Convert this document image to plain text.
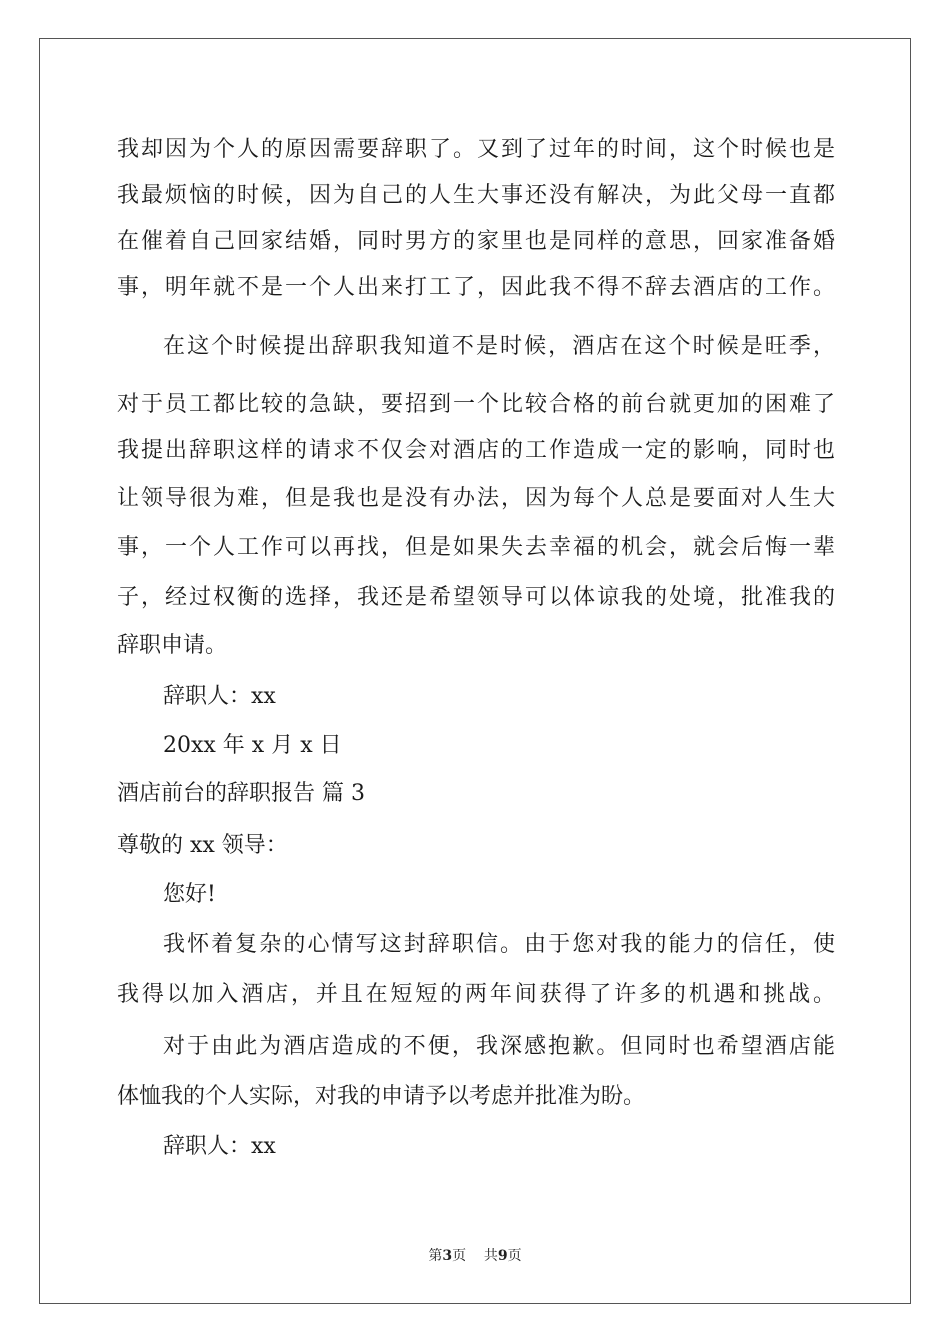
我却因为个人的原因需要辞职了。又到了过年的时间，这个时候也是
我最烦恼的时候，因为自己的人生大事还没有解决，为此父母一直都
在催着自己回家结婚，同时男方的家里也是同样的意思，回家准备婚
事，明年就不是一个人出来打工了，因此我不得不辞去酒店的工作。
在这个时候提出辞职我知道不是时候，酒店在这个时候是旺季，
对于员工都比较的急缺，要招到一个比较合格的前台就更加的困难了
我提出辞职这样的请求不仅会对酒店的工作造成一定的影响，同时也
让领导很为难，但是我也是没有办法，因为每个人总是要面对人生大
事，一个人工作可以再找，但是如果失去幸福的机会，就会后悔一辈
子，经过权衡的选择，我还是希望领导可以体谅我的处境，批准我的
辞职申请。
辞职人：xx
20xx 年 x 月 x 日
酒店前台的辞职报告 篇 3
尊敬的 xx 领导：
您好!
我怀着复杂的心情写这封辞职信。由于您对我的能力的信任，使
我得以加入酒店，并且在短短的两年间获得了许多的机遇和挑战。
对于由此为酒店造成的不便，我深感抱歉。但同时也希望酒店能
体恤我的个人实际，对我的申请予以考虑并批准为盼。
辞职人：xx
第3页    共9页
